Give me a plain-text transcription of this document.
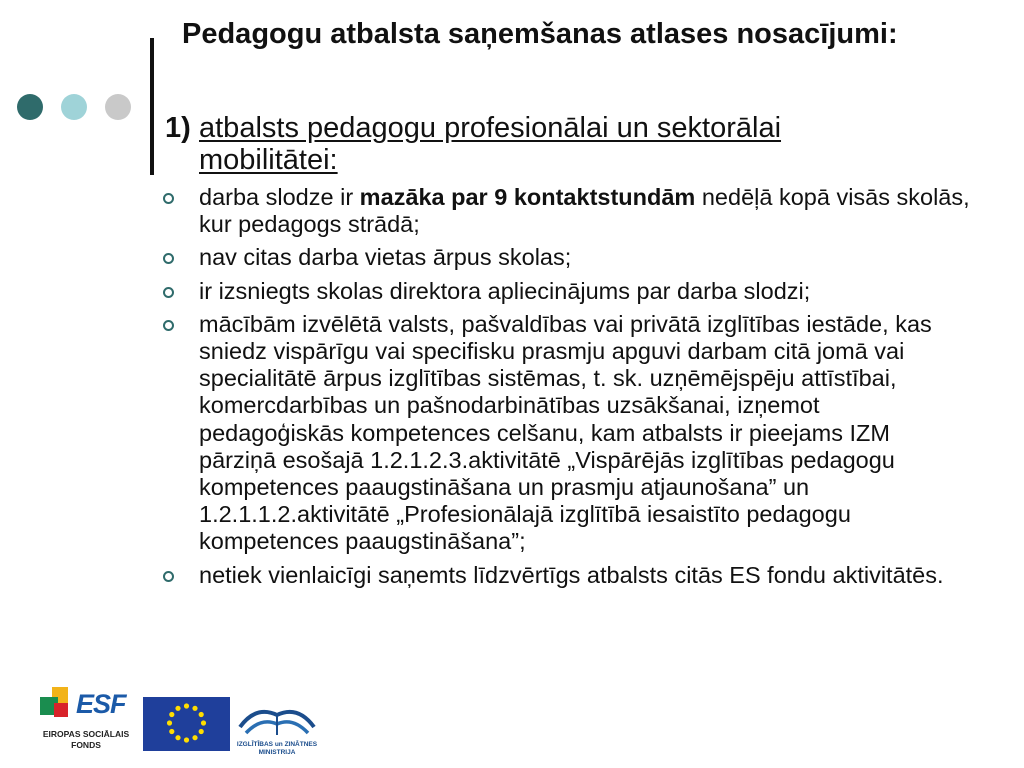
Pedagogu atbalsta saņemšanas atlases nosacījumi:
1) atbalsts pedagogu profesionālai un sektorālai mobilitātei:
darba slodze ir mazāka par 9 kontaktstundām nedēļā kopā visās skolās, kur pedagogs strādā;
nav citas darba vietas ārpus skolas;
ir izsniegts skolas direktora apliecinājums par darba slodzi;
mācībām izvēlētā valsts, pašvaldības vai privātā izglītības iestāde, kas sniedz vispārīgu vai specifisku prasmju apguvi darbam citā jomā vai specialitātē ārpus izglītības sistēmas, t. sk. uzņēmējspēju attīstībai, komercdarbības un pašnodarbinātības uzsākšanai, izņemot pedagoģiskās kompetences celšanu, kam atbalsts ir pieejams IZM pārziņā esošajā 1.2.1.2.3.aktivitātē „Vispārējās izglītības pedagogu kompetences paaugstināšana un prasmju atjaunošana” un 1.2.1.1.2.aktivitātē „Profesionālajā izglītībā iesaistīto pedagogu kompetences paaugstināšana”;
netiek vienlaicīgi saņemts līdzvērtīgs atbalsts citās ES fondu aktivitātēs.
ESF
EIROPAS SOCIĀLAIS
FONDS	IZGLĪTĪBAS un ZINĀTNES
MINISTRIJA
